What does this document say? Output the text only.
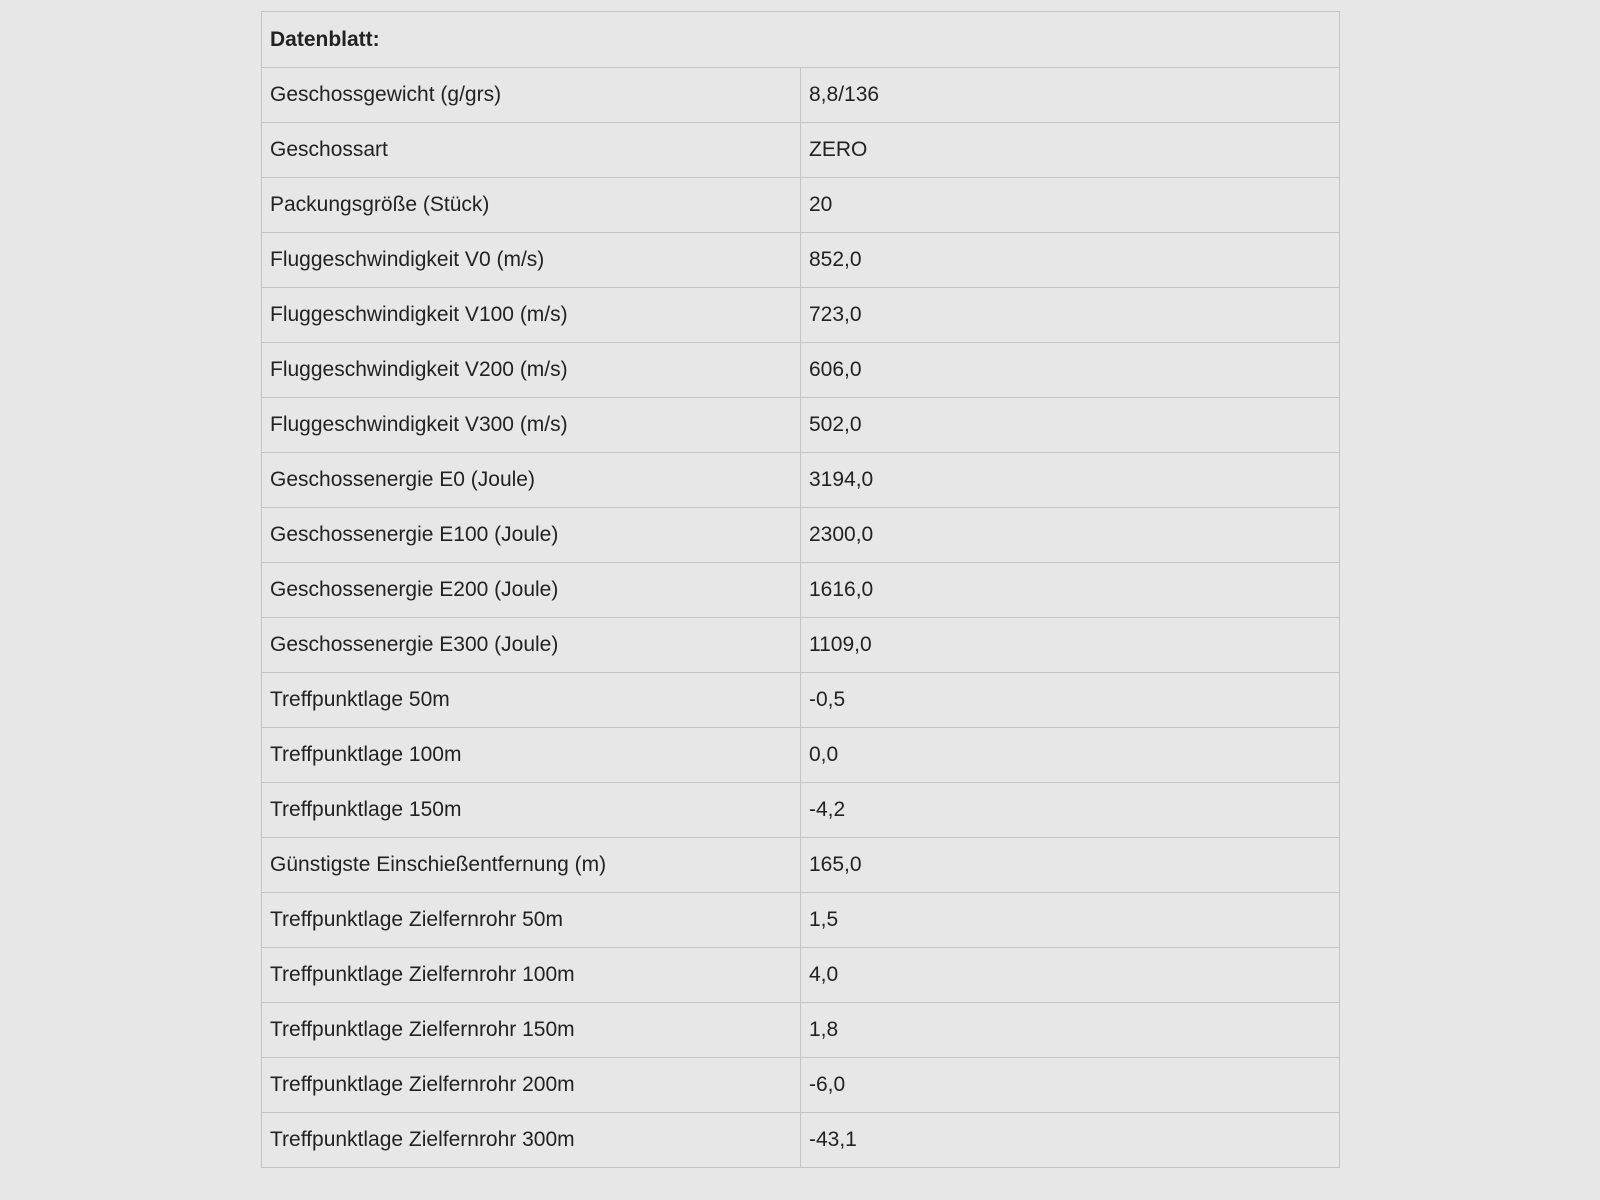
Datenblatt:	
Geschossgewicht (g/grs)	8,8/136
Geschossart	ZERO
Packungsgröße (Stück)	20
Fluggeschwindigkeit V0 (m/s)	852,0
Fluggeschwindigkeit V100 (m/s)	723,0
Fluggeschwindigkeit V200 (m/s)	606,0
Fluggeschwindigkeit V300 (m/s)	502,0
Geschossenergie E0 (Joule)	3194,0
Geschossenergie E100 (Joule)	2300,0
Geschossenergie E200 (Joule)	1616,0
Geschossenergie E300 (Joule)	1109,0
Treffpunktlage 50m	-0,5
Treffpunktlage 100m	0,0
Treffpunktlage 150m	-4,2
Günstigste Einschießentfernung (m)	165,0
Treffpunktlage Zielfernrohr 50m	1,5
Treffpunktlage Zielfernrohr 100m	4,0
Treffpunktlage Zielfernrohr 150m	1,8
Treffpunktlage Zielfernrohr 200m	-6,0
Treffpunktlage Zielfernrohr 300m	-43,1
